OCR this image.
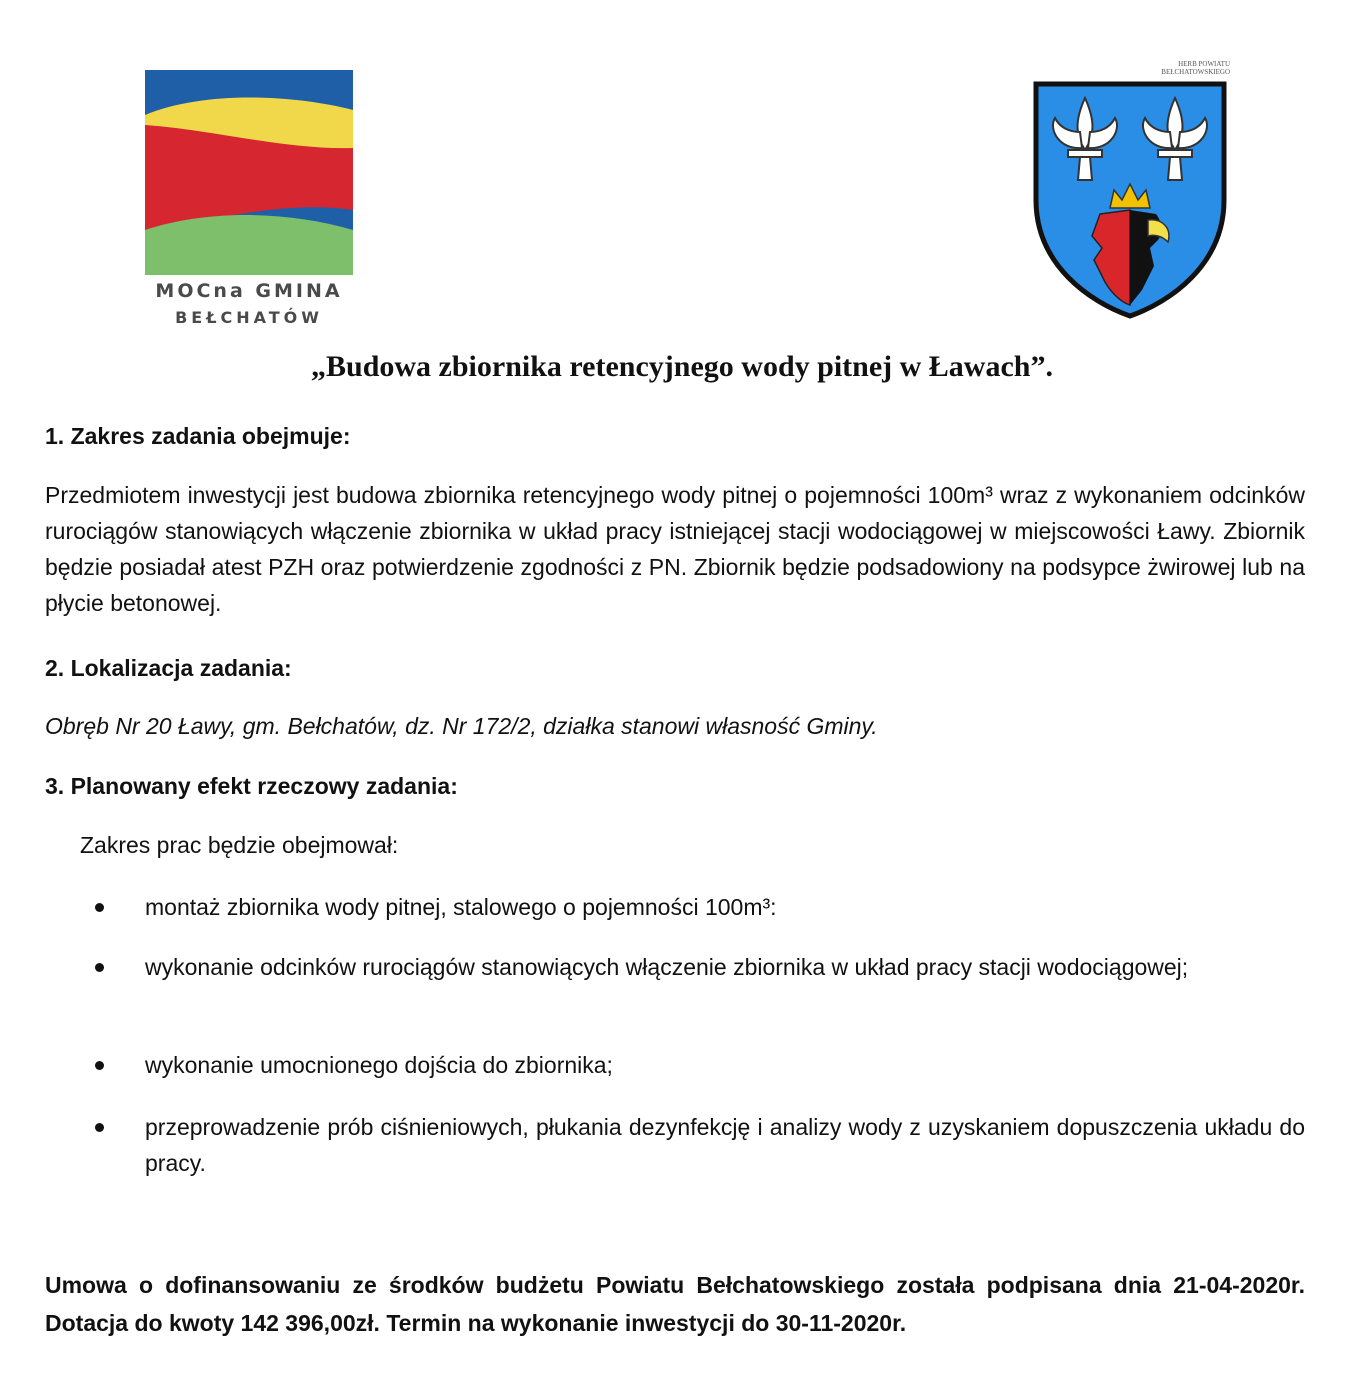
MOCna GMINA
BEŁCHATÓW
HERB POWIATU
BEŁCHATOWSKIEGO
„Budowa zbiornika retencyjnego wody pitnej w Ławach”.
1. Zakres zadania obejmuje:
Przedmiotem inwestycji jest budowa zbiornika retencyjnego wody pitnej o pojemności 100m³ wraz z wykonaniem odcinków rurociągów stanowiących włączenie zbiornika w układ pracy istniejącej stacji wodociągowej w miejscowości Ławy. Zbiornik będzie posiadał atest PZH oraz potwierdzenie zgodności z PN. Zbiornik będzie podsadowiony na podsypce żwirowej lub na płycie betonowej.
2. Lokalizacja zadania:
Obręb Nr 20 Ławy, gm. Bełchatów, dz. Nr 172/2, działka stanowi własność Gminy.
3. Planowany efekt rzeczowy zadania:
Zakres prac będzie obejmował:
montaż zbiornika wody pitnej, stalowego o pojemności 100m³:
wykonanie odcinków rurociągów stanowiących włączenie zbiornika w układ pracy stacji wodociągowej;
wykonanie umocnionego dojścia do zbiornika;
przeprowadzenie prób ciśnieniowych, płukania dezynfekcję i analizy wody z uzyskaniem dopuszczenia układu do pracy.
Umowa o dofinansowaniu ze środków budżetu Powiatu Bełchatowskiego została podpisana dnia 21-04-2020r. Dotacja do kwoty 142 396,00zł. Termin na wykonanie inwestycji do 30-11-2020r.
